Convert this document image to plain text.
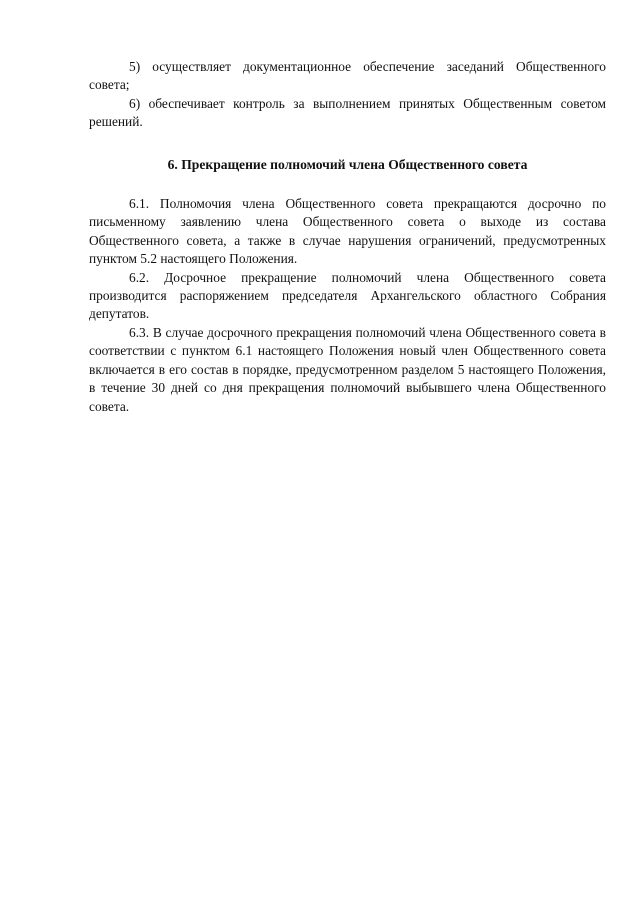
5) осуществляет документационное обеспечение заседаний Общественного совета;

6) обеспечивает контроль за выполнением принятых Общественным советом решений.

6. Прекращение полномочий члена Общественного совета

6.1. Полномочия члена Общественного совета прекращаются досрочно по письменному заявлению члена Общественного совета о выходе из состава Общественного совета, а также в случае нарушения ограничений, предусмотренных пунктом 5.2 настоящего Положения.

6.2. Досрочное прекращение полномочий члена Общественного совета производится распоряжением председателя Архангельского областного Собрания депутатов.

6.3. В случае досрочного прекращения полномочий члена Общественного совета в соответствии с пунктом 6.1 настоящего Положения новый член Общественного совета включается в его состав в порядке, предусмотренном разделом 5 настоящего Положения, в течение 30 дней со дня прекращения полномочий выбывшего члена Общественного совета.
